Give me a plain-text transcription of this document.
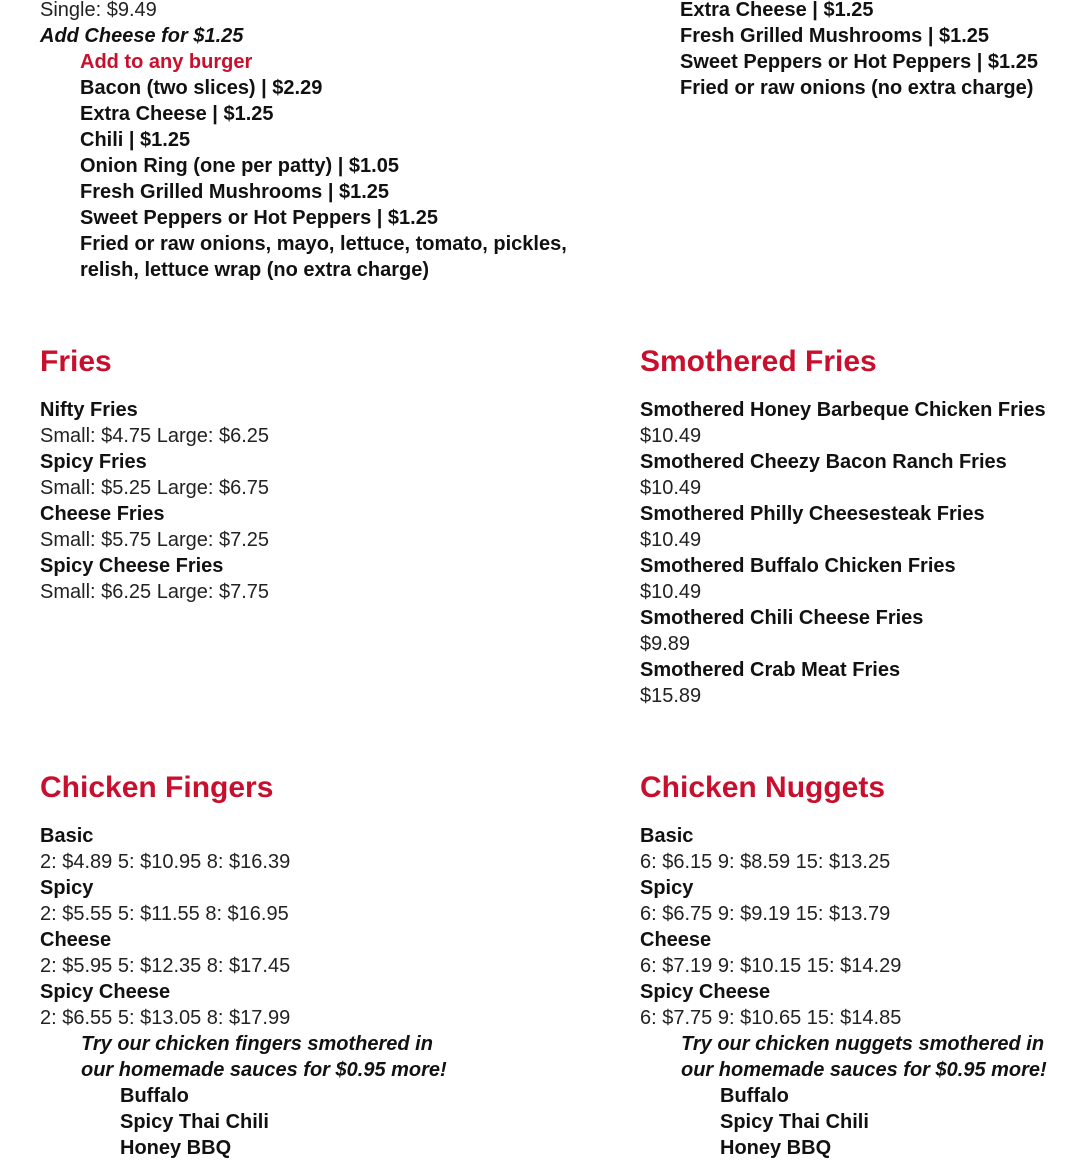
Single: $9.49
Add Cheese for $1.25
Add to any burger
Bacon (two slices) | $2.29
Extra Cheese | $1.25
Chili | $1.25
Onion Ring (one per patty) | $1.05
Fresh Grilled Mushrooms | $1.25
Sweet Peppers or Hot Peppers | $1.25
Fried or raw onions, mayo, lettuce, tomato, pickles,
relish, lettuce wrap (no extra charge)
Extra Cheese | $1.25
Fresh Grilled Mushrooms | $1.25
Sweet Peppers or Hot Peppers | $1.25
Fried or raw onions (no extra charge)
Fries
Nifty Fries
Small: $4.75 Large: $6.25
Spicy Fries
Small: $5.25 Large: $6.75
Cheese Fries
Small: $5.75 Large: $7.25
Spicy Cheese Fries
Small: $6.25 Large: $7.75
Smothered Fries
Smothered Honey Barbeque Chicken Fries
$10.49
Smothered Cheezy Bacon Ranch Fries
$10.49
Smothered Philly Cheesesteak Fries
$10.49
Smothered Buffalo Chicken Fries
$10.49
Smothered Chili Cheese Fries
$9.89
Smothered Crab Meat Fries
$15.89
Chicken Fingers
Basic
2: $4.89 5: $10.95 8: $16.39
Spicy
2: $5.55 5: $11.55 8: $16.95
Cheese
2: $5.95 5: $12.35 8: $17.45
Spicy Cheese
2: $6.55 5: $13.05 8: $17.99
Try our chicken fingers smothered in
our homemade sauces for $0.95 more!
Buffalo
Spicy Thai Chili
Honey BBQ
Chicken Nuggets
Basic
6: $6.15 9: $8.59 15: $13.25
Spicy
6: $6.75 9: $9.19 15: $13.79
Cheese
6: $7.19 9: $10.15 15: $14.29
Spicy Cheese
6: $7.75 9: $10.65 15: $14.85
Try our chicken nuggets smothered in
our homemade sauces for $0.95 more!
Buffalo
Spicy Thai Chili
Honey BBQ
